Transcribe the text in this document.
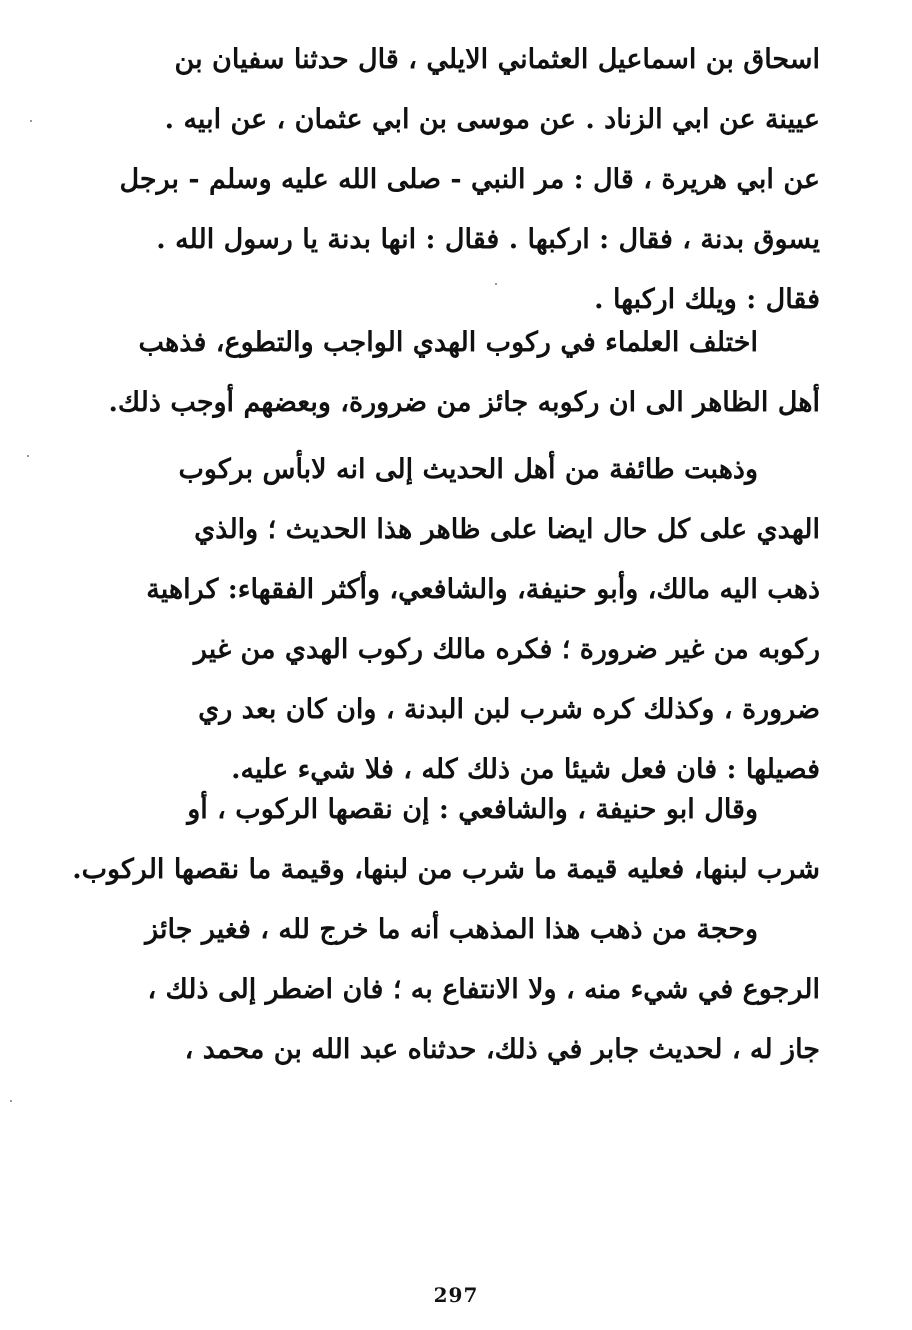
اسحاق بن اسماعيل العثماني الايلي ، قال حدثنا سفيان بن
عيينة عن ابي الزناد . عن موسى بن ابي عثمان ، عن ابيه .
عن ابي هريرة ، قال : مر النبي - صلى الله عليه وسلم - برجل
يسوق بدنة ، فقال : اركبها . فقال : انها بدنة يا رسول الله .
فقال : ويلك اركبها .
اختلف العلماء في ركوب الهدي الواجب والتطوع، فذهب
أهل الظاهر الى ان ركوبه جائز من ضرورة، وبعضهم أوجب ذلك.
وذهبت طائفة من أهل الحديث إلى انه لابأس بركوب
الهدي على كل حال ايضا على ظاهر هذا الحديث ؛ والذي
ذهب اليه مالك، وأبو حنيفة، والشافعي، وأكثر الفقهاء: كراهية
ركوبه من غير ضرورة ؛ فكره مالك ركوب الهدي من غير
ضرورة ، وكذلك كره شرب لبن البدنة ، وان كان بعد ري
فصيلها : فان فعل شيئا من ذلك كله ، فلا شيء عليه.
وقال ابو حنيفة ، والشافعي : إن نقصها الركوب ، أو
شرب لبنها، فعليه قيمة ما شرب من لبنها، وقيمة ما نقصها الركوب.
وحجة من ذهب هذا المذهب أنه ما خرج لله ، فغير جائز
الرجوع في شيء منه ، ولا الانتفاع به ؛ فان اضطر إلى ذلك ،
جاز له ، لحديث جابر في ذلك، حدثناه عبد الله بن محمد ،
297
